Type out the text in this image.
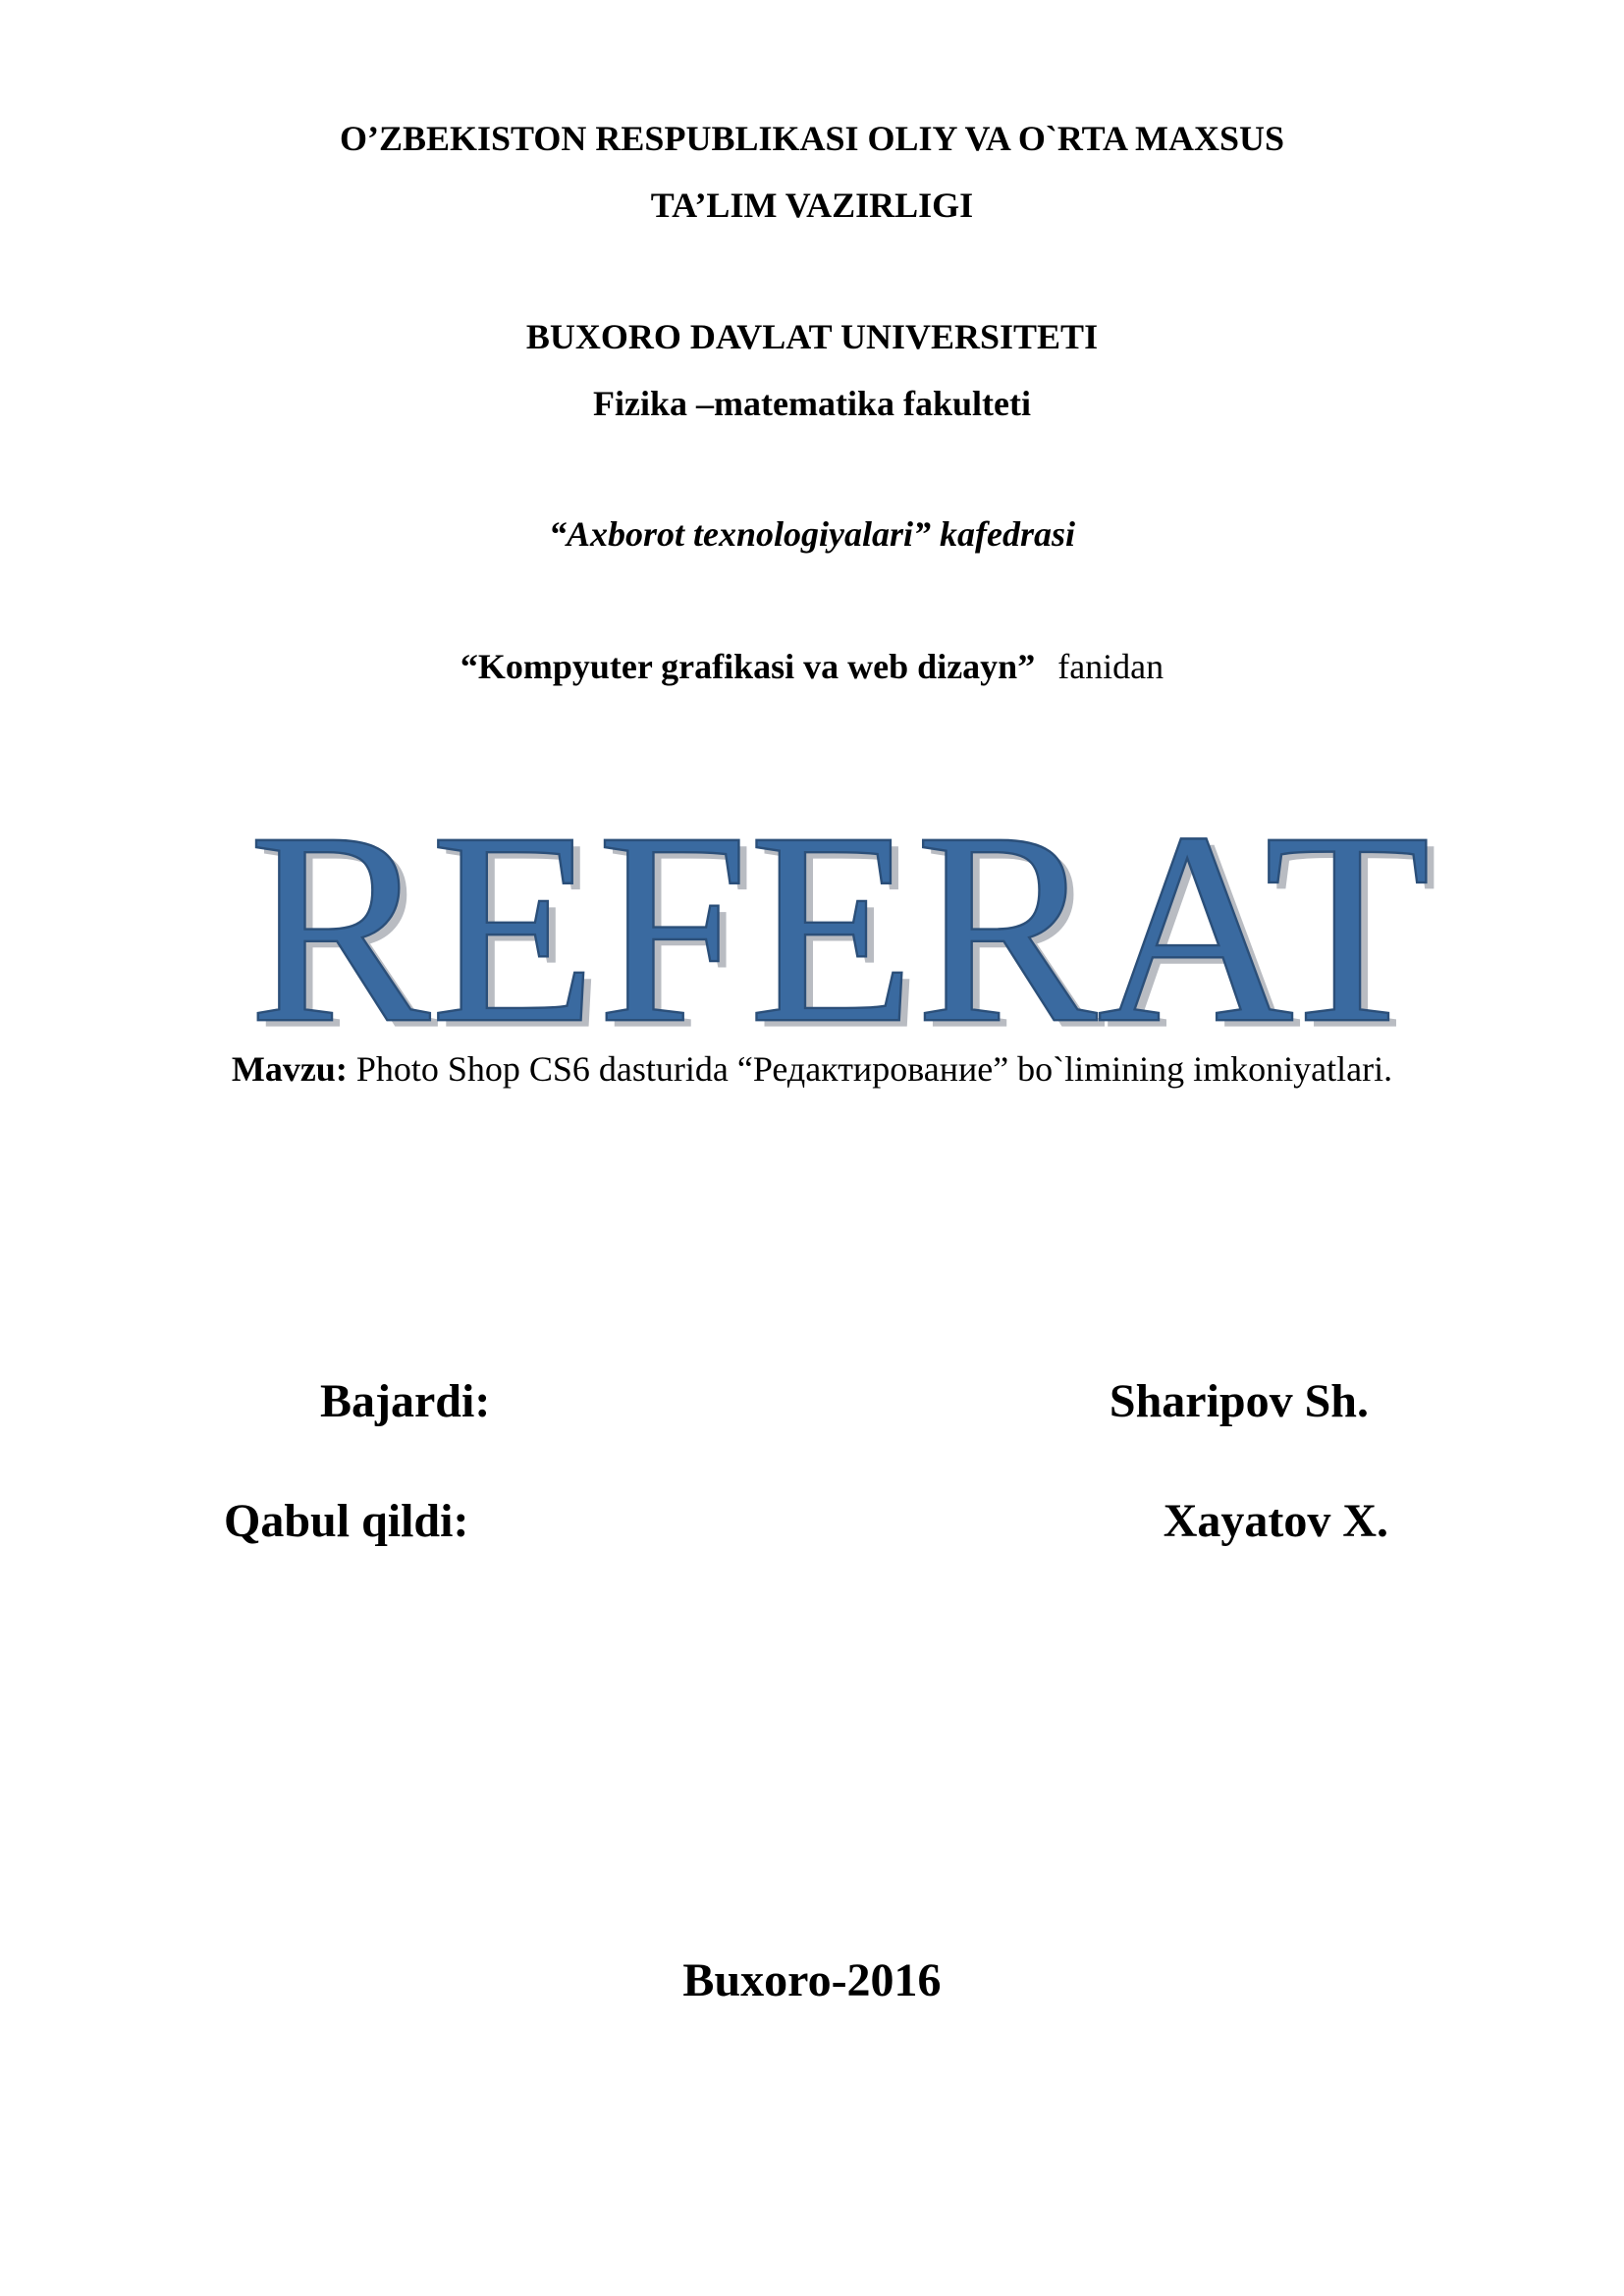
O’ZBEKISTON RESPUBLIKASI OLIY VA O`RTA MAXSUS
TA’LIM VAZIRLIGI
BUXORO DAVLAT UNIVERSITETI
Fizika –matematika fakulteti
“Axborot texnologiyalari” kafedrasi
“Kompyuter grafikasi va web dizayn” fanidan
REFERAT
REFERAT
Mavzu: Photo Shop CS6 dasturida “Редактирование” bo`limining imkoniyatlari.
Bajardi:	Sharipov Sh.
Qabul qildi:	Xayatov X.
Buxoro-2016
